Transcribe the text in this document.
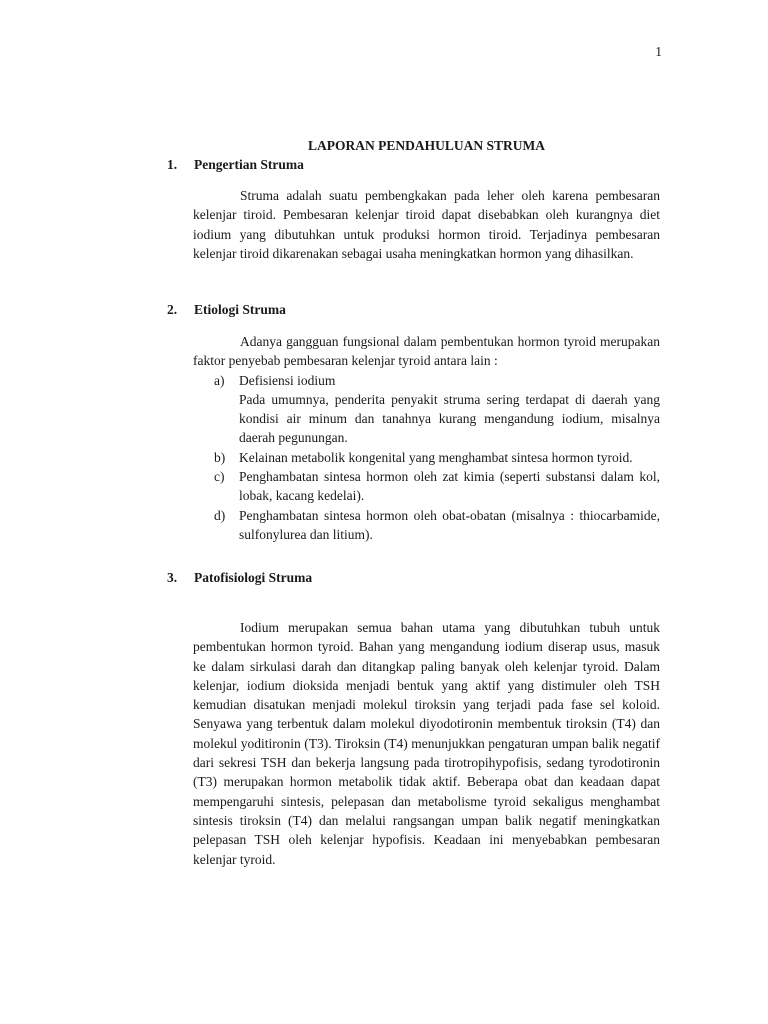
1
LAPORAN PENDAHULUAN STRUMA
1. Pengertian Struma

Struma adalah suatu pembengkakan pada leher oleh karena pembesaran kelenjar tiroid. Pembesaran kelenjar tiroid dapat disebabkan oleh kurangnya diet iodium yang dibutuhkan untuk produksi hormon tiroid. Terjadinya pembesaran kelenjar tiroid dikarenakan sebagai usaha meningkatkan hormon yang dihasilkan.

2. Etiologi Struma

Adanya gangguan fungsional dalam pembentukan hormon tyroid merupakan faktor penyebab pembesaran kelenjar tyroid antara lain :

a) Defisiensi iodium
Pada umumnya, penderita penyakit struma sering terdapat di daerah yang kondisi air minum dan tanahnya kurang mengandung iodium, misalnya daerah pegunungan.
b) Kelainan metabolik kongenital yang menghambat sintesa hormon tyroid.
c) Penghambatan sintesa hormon oleh zat kimia (seperti substansi dalam kol, lobak, kacang kedelai).
d) Penghambatan sintesa hormon oleh obat-obatan (misalnya : thiocarbamide, sulfonylurea dan litium).
3. Patofisiologi Struma

Iodium merupakan semua bahan utama yang dibutuhkan tubuh untuk pembentukan hormon tyroid. Bahan yang mengandung iodium diserap usus, masuk ke dalam sirkulasi darah dan ditangkap paling banyak oleh kelenjar tyroid. Dalam kelenjar, iodium dioksida menjadi bentuk yang aktif yang distimuler oleh TSH kemudian disatukan menjadi molekul tiroksin yang terjadi pada fase sel koloid. Senyawa yang terbentuk dalam molekul diyodotironin membentuk tiroksin (T4) dan molekul yoditironin (T3). Tiroksin (T4) menunjukkan pengaturan umpan balik negatif dari sekresi TSH dan bekerja langsung pada tirotropihypofisis, sedang tyrodotironin (T3) merupakan hormon metabolik tidak aktif. Beberapa obat dan keadaan dapat mempengaruhi sintesis, pelepasan dan metabolisme tyroid sekaligus menghambat sintesis tiroksin (T4) dan melalui rangsangan umpan balik negatif meningkatkan pelepasan TSH oleh kelenjar hypofisis. Keadaan ini menyebabkan pembesaran kelenjar tyroid.
